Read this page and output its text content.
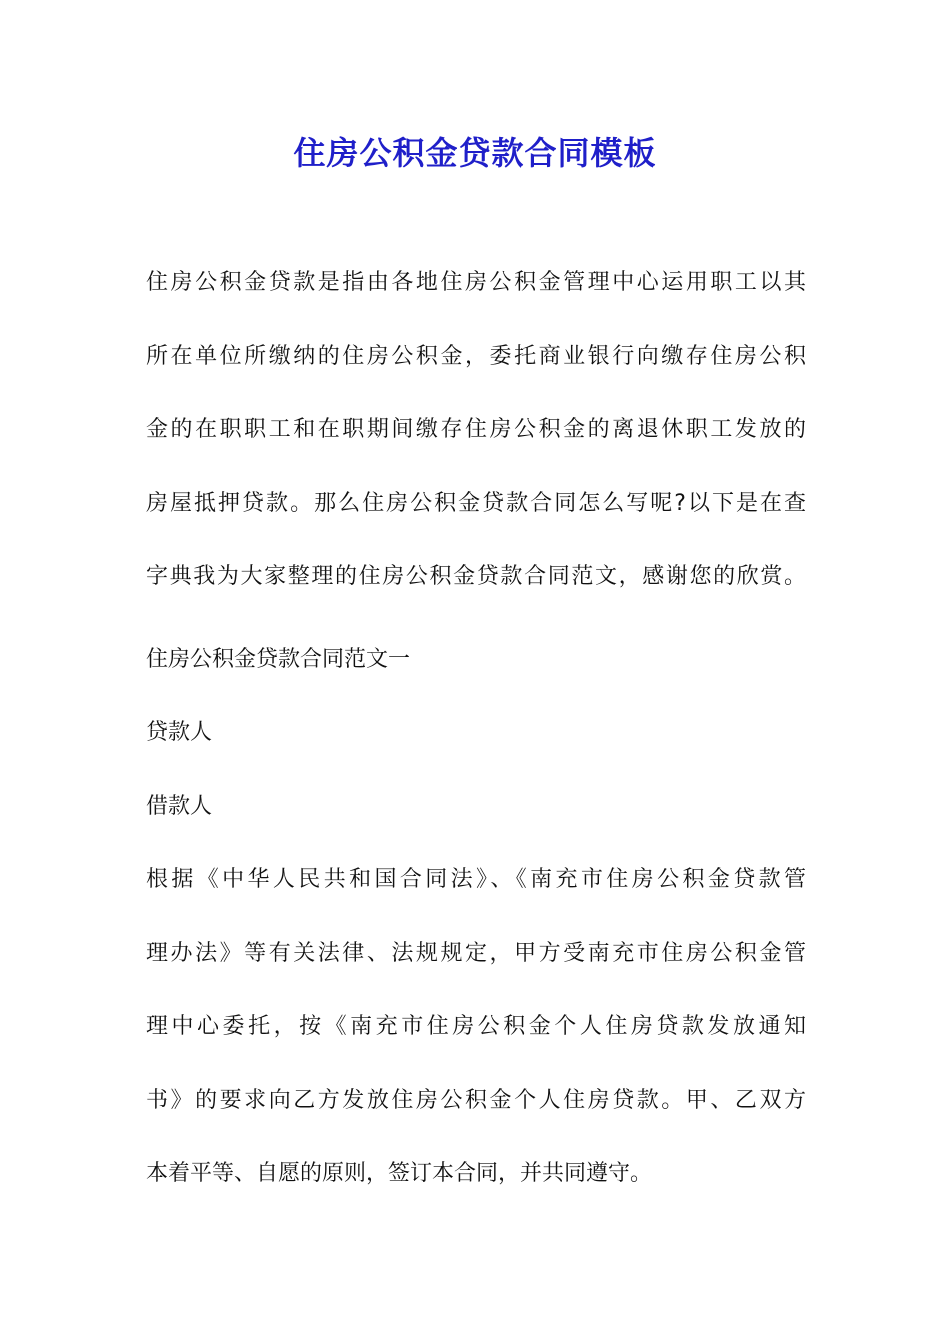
住房公积金贷款合同模板
住房公积金贷款是指由各地住房公积金管理中心运用职工以其
所在单位所缴纳的住房公积金，委托商业银行向缴存住房公积
金的在职职工和在职期间缴存住房公积金的离退休职工发放的
房屋抵押贷款。那么住房公积金贷款合同怎么写呢?以下是在查
字典我为大家整理的住房公积金贷款合同范文，感谢您的欣赏。
住房公积金贷款合同范文一
贷款人
借款人
根据《中华人民共和国合同法》、《南充市住房公积金贷款管
理办法》等有关法律、法规规定，甲方受南充市住房公积金管
理中心委托，按《南充市住房公积金个人住房贷款发放通知
书》的要求向乙方发放住房公积金个人住房贷款。甲、乙双方
本着平等、自愿的原则，签订本合同，并共同遵守。
